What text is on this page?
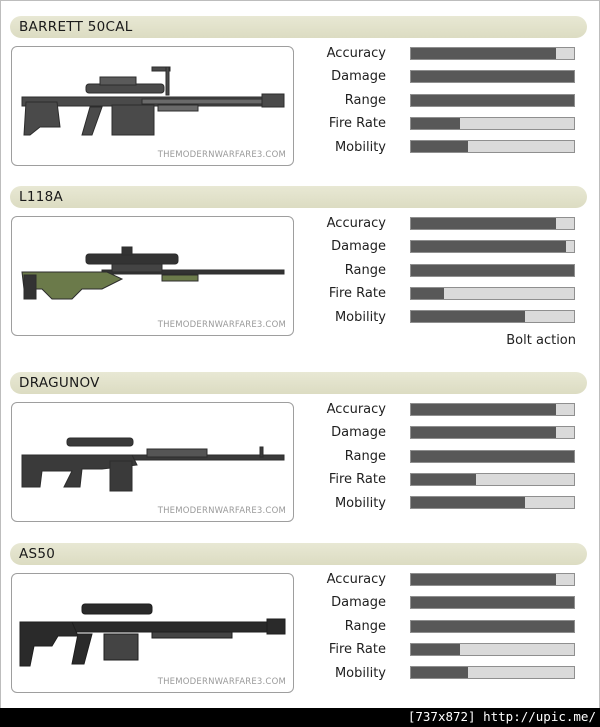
BARRETT 50CAL
THEMODERNWARFARE3.COM
Accuracy
Damage
Range
Fire Rate
Mobility
L118A
THEMODERNWARFARE3.COM
Accuracy
Damage
Range
Fire Rate
Mobility
Bolt action
DRAGUNOV
THEMODERNWARFARE3.COM
Accuracy
Damage
Range
Fire Rate
Mobility
AS50
THEMODERNWARFARE3.COM
Accuracy
Damage
Range
Fire Rate
Mobility
[737x872] http://upic.me/
